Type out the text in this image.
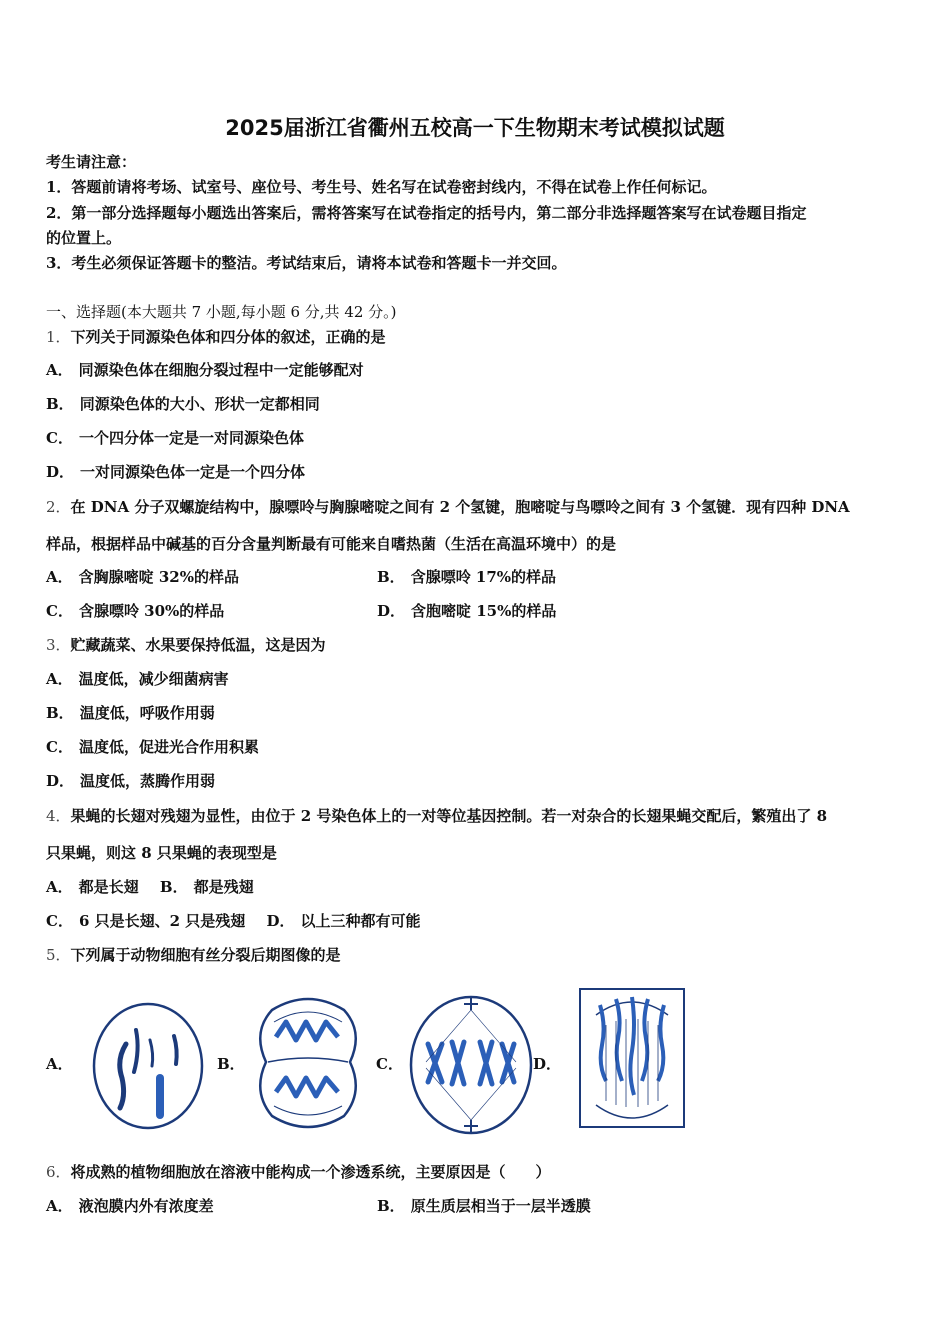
2025届浙江省衢州五校高一下生物期末考试模拟试题
考生请注意：
1．答题前请将考场、试室号、座位号、考生号、姓名写在试卷密封线内，不得在试卷上作任何标记。
2．第一部分选择题每小题选出答案后，需将答案写在试卷指定的括号内，第二部分非选择题答案写在试卷题目指定
的位置上。
3．考生必须保证答题卡的整洁。考试结束后，请将本试卷和答题卡一并交回。
一、选择题(本大题共 7 小题,每小题 6 分,共 42 分。)
1．下列关于同源染色体和四分体的叙述，正确的是
A． 同源染色体在细胞分裂过程中一定能够配对
B． 同源染色体的大小、形状一定都相同
C． 一个四分体一定是一对同源染色体
D． 一对同源染色体一定是一个四分体
2．在 DNA 分子双螺旋结构中，腺嘌呤与胸腺嘧啶之间有 2 个氢键，胞嘧啶与鸟嘌呤之间有 3 个氢键．现有四种 DNA
样品，根据样品中碱基的百分含量判断最有可能来自嗜热菌（生活在高温环境中）的是
A． 含胸腺嘧啶 32%的样品	B． 含腺嘌呤 17%的样品
C． 含腺嘌呤 30%的样品	D． 含胞嘧啶 15%的样品
3．贮藏蔬菜、水果要保持低温，这是因为
A． 温度低，减少细菌病害
B． 温度低，呼吸作用弱
C． 温度低，促进光合作用积累
D． 温度低，蒸腾作用弱
4．果蝇的长翅对残翅为显性，由位于 2 号染色体上的一对等位基因控制。若一对杂合的长翅果蝇交配后，繁殖出了 8
只果蝇，则这 8 只果蝇的表现型是
A． 都是长翅 B． 都是残翅
C． 6 只是长翅、2 只是残翅 D． 以上三种都有可能
5．下列属于动物细胞有丝分裂后期图像的是
A．	B．	C．	D．
6．将成熟的植物细胞放在溶液中能构成一个渗透系统，主要原因是（　　）
A． 液泡膜内外有浓度差	B． 原生质层相当于一层半透膜
